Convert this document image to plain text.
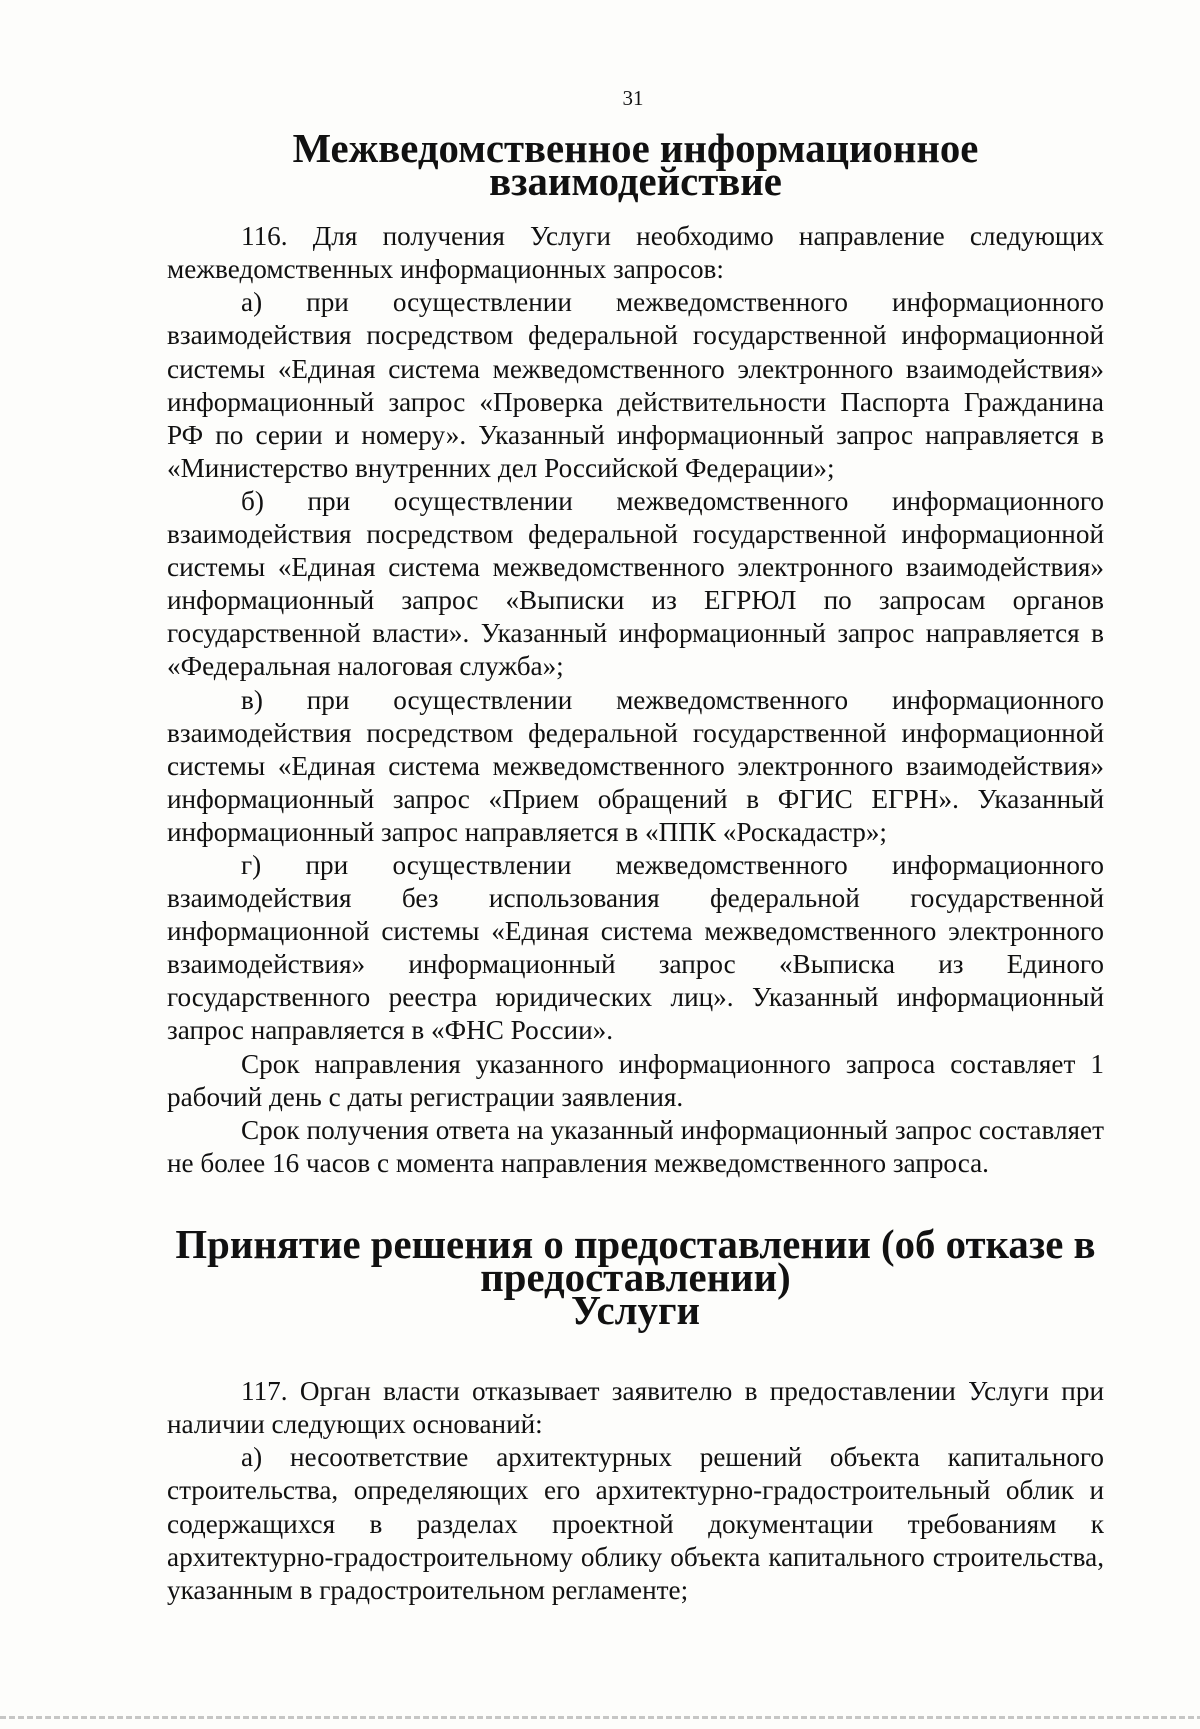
31
Межведомственное информационное взаимодействие

116. Для получения Услуги необходимо направление следующих межведомственных информационных запросов:

а) при осуществлении межведомственного информационного взаимодействия посредством федеральной государственной информационной системы «Единая система межведомственного электронного взаимодействия» информационный запрос «Проверка действительности Паспорта Гражданина РФ по серии и номеру». Указанный информационный запрос направляется в «Министерство внутренних дел Российской Федерации»;

б) при осуществлении межведомственного информационного взаимодействия посредством федеральной государственной информационной системы «Единая система межведомственного электронного взаимодействия» информационный запрос «Выписки из ЕГРЮЛ по запросам органов государственной власти». Указанный информационный запрос направляется в «Федеральная налоговая служба»;

в) при осуществлении межведомственного информационного взаимодействия посредством федеральной государственной информационной системы «Единая система межведомственного электронного взаимодействия» информационный запрос «Прием обращений в ФГИС ЕГРН». Указанный информационный запрос направляется в «ППК «Роскадастр»;

г) при осуществлении межведомственного информационного взаимодействия без использования федеральной государственной информационной системы «Единая система межведомственного электронного взаимодействия» информационный запрос «Выписка из Единого государственного реестра юридических лиц». Указанный информационный запрос направляется в «ФНС России».

Срок направления указанного информационного запроса составляет 1 рабочий день с даты регистрации заявления.

Срок получения ответа на указанный информационный запрос составляет не более 16 часов с момента направления межведомственного запроса.

Принятие решения о предоставлении (об отказе в предоставлении)
Услуги

117. Орган власти отказывает заявителю в предоставлении Услуги при наличии следующих оснований:

а) несоответствие архитектурных решений объекта капитального строительства, определяющих его архитектурно-градостроительный облик и содержащихся в разделах проектной документации требованиям к архитектурно-градостроительному облику объекта капитального строительства, указанным в градостроительном регламенте;
